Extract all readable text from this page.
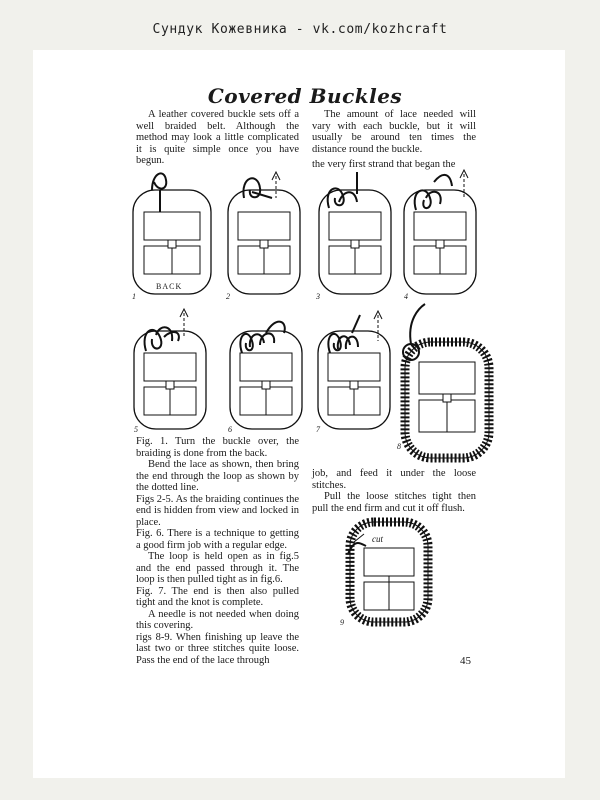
Сундук Кожевника - vk.com/kozhcraft
Covered Buckles

A leather covered buckle sets off a well braided belt. Although the method may look a little complicated it is quite simple once you have begun.

The amount of lace needed will vary with each buckle, but it will usually be around ten times the distance round the buckle.

the very first strand that began the

BACK
1	2	3	4
5	6	7
8

Fig. 1. Turn the buckle over, the braiding is done from the back.

Bend the lace as shown, then bring the end through the loop as shown by the dotted line.

Figs 2-5. As the braiding continues the end is hidden from view and locked in place.

Fig. 6. There is a technique to getting a good firm job with a regular edge.

The loop is held open as in fig.5 and the end passed through it. The loop is then pulled tight as in fig.6.

Fig. 7. The end is then also pulled tight and the knot is complete.

A needle is not needed when doing this covering.

rigs 8-9. When finishing up leave the last two or three stitches quite loose. Pass the end of the lace through

job, and feed it under the loose stitches.

Pull the loose stitches tight then pull the end firm and cut it off flush.

cut
9
45
